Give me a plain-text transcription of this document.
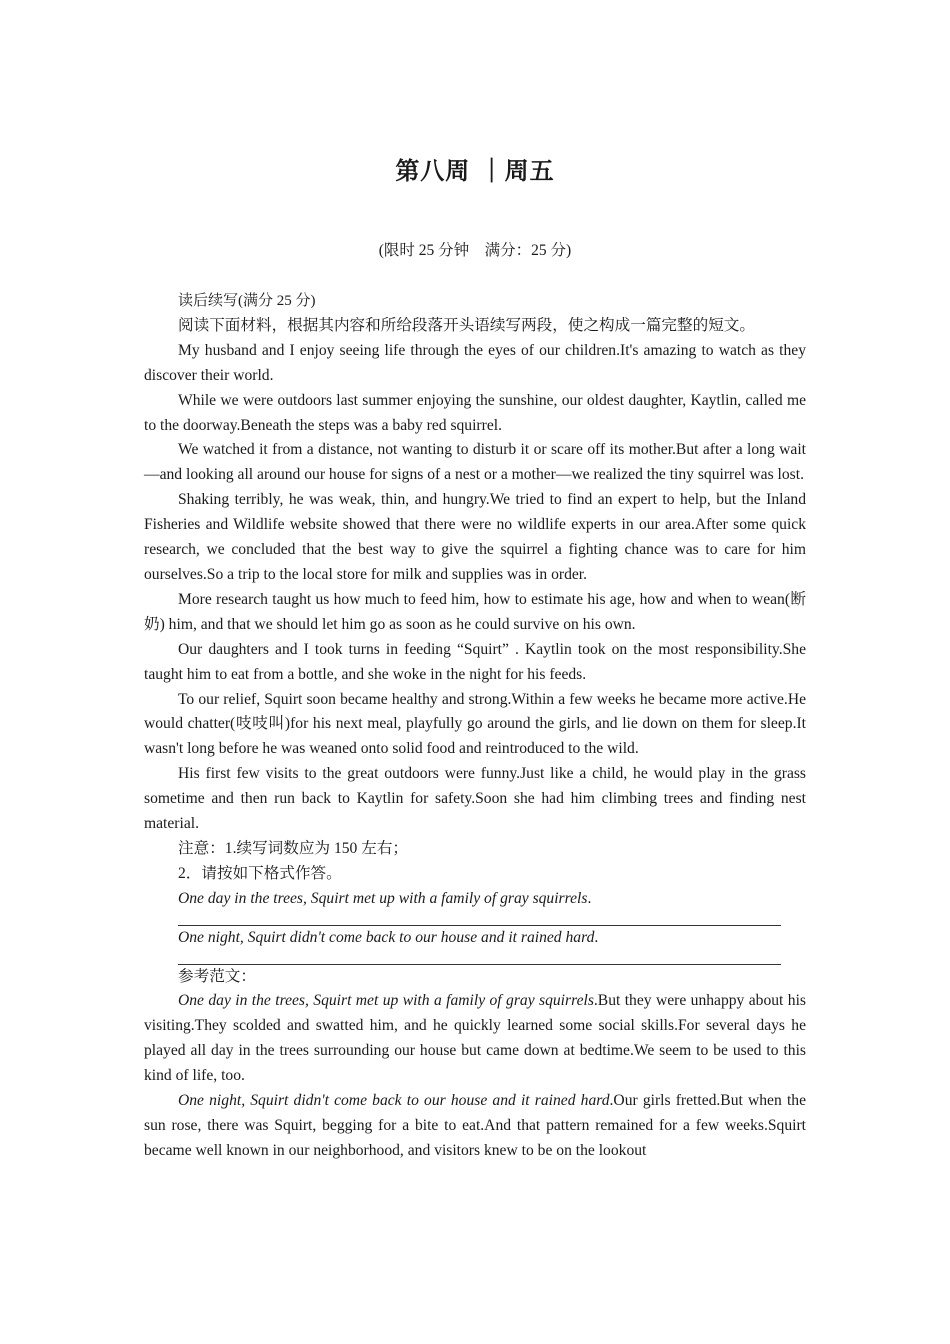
第八周 ｜周五
(限时 25 分钟　满分：25 分)

读后续写(满分 25 分)

阅读下面材料，根据其内容和所给段落开头语续写两段，使之构成一篇完整的短文。

My husband and I enjoy seeing life through the eyes of our children.It's amazing to watch as they discover their world.

While we were outdoors last summer enjoying the sunshine, our oldest daughter, Kaytlin, called me to the doorway.Beneath the steps was a baby red squirrel.

We watched it from a distance, not wanting to disturb it or scare off its mother.But after a long wait—and looking all around our house for signs of a nest or a mother—we realized the tiny squirrel was lost.

Shaking terribly, he was weak, thin, and hungry.We tried to find an expert to help, but the Inland Fisheries and Wildlife website showed that there were no wildlife experts in our area.After some quick research, we concluded that the best way to give the squirrel a fighting chance was to care for him ourselves.So a trip to the local store for milk and supplies was in order.

More research taught us how much to feed him, how to estimate his age, how and when to wean(断奶) him, and that we should let him go as soon as he could survive on his own.

Our daughters and I took turns in feeding “Squirt” . Kaytlin took on the most responsibility.She taught him to eat from a bottle, and she woke in the night for his feeds.

To our relief, Squirt soon became healthy and strong.Within a few weeks he became more active.He would chatter(吱吱叫)for his next meal, playfully go around the girls, and lie down on them for sleep.It wasn't long before he was weaned onto solid food and reintroduced to the wild.

His first few visits to the great outdoors were funny.Just like a child, he would play in the grass sometime and then run back to Kaytlin for safety.Soon she had him climbing trees and finding nest material.

注意：1.续写词数应为 150 左右；

2．请按如下格式作答。

One day in the trees, Squirt met up with a family of gray squirrels.

One night, Squirt didn't come back to our house and it rained hard.

参考范文：

One day in the trees, Squirt met up with a family of gray squirrels.But they were unhappy about his visiting.They scolded and swatted him, and he quickly learned some social skills.For several days he played all day in the trees surrounding our house but came down at bedtime.We seem to be used to this kind of life, too.

One night, Squirt didn't come back to our house and it rained hard.Our girls fretted.But when the sun rose, there was Squirt, begging for a bite to eat.And that pattern remained for a few weeks.Squirt became well known in our neighborhood, and visitors knew to be on the lookout
